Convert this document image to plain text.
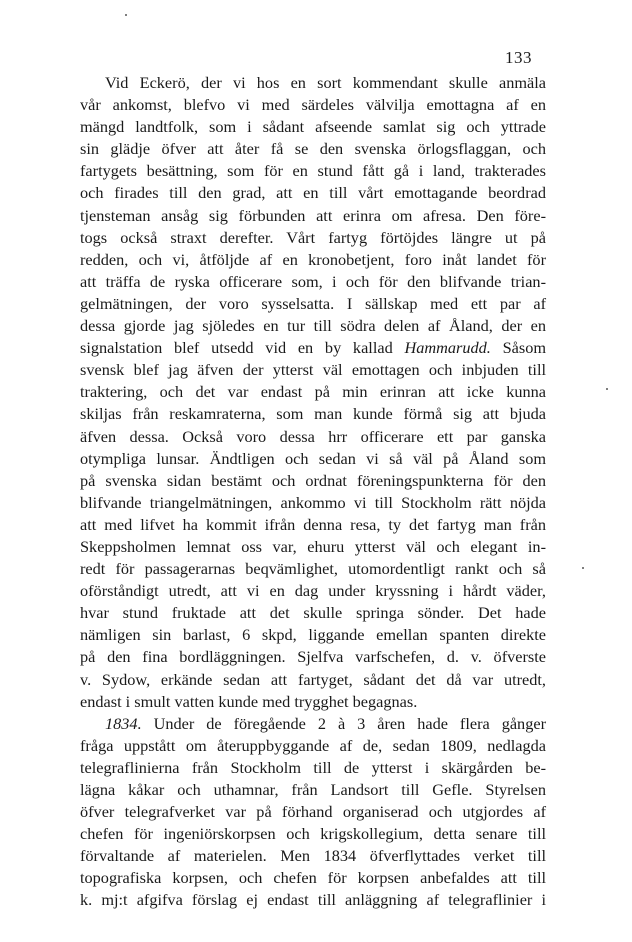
133
Vid Eckerö, der vi hos en sort kommendant skulle anmäla
vår ankomst, blefvo vi med särdeles välvilja emottagna af en
mängd landtfolk, som i sådant afseende samlat sig och yttrade
sin glädje öfver att åter få se den svenska örlogsflaggan, och
fartygets besättning, som för en stund fått gå i land, trakterades
och firades till den grad, att en till vårt emottagande beordrad
tjensteman ansåg sig förbunden att erinra om afresa. Den före-
togs också straxt derefter. Vårt fartyg förtöjdes längre ut på
redden, och vi, åtföljde af en kronobetjent, foro inåt landet för
att träffa de ryska officerare som, i och för den blifvande trian-
gelmätningen, der voro sysselsatta. I sällskap med ett par af
dessa gjorde jag sjöledes en tur till södra delen af Åland, der en
signalstation blef utsedd vid en by kallad Hammarudd. Såsom
svensk blef jag äfven der ytterst väl emottagen och inbjuden till
traktering, och det var endast på min erinran att icke kunna
skiljas från reskamraterna, som man kunde förmå sig att bjuda
äfven dessa. Också voro dessa hrr officerare ett par ganska
otympliga lunsar. Ändtligen och sedan vi så väl på Åland som
på svenska sidan bestämt och ordnat föreningspunkterna för den
blifvande triangelmätningen, ankommo vi till Stockholm rätt nöjda
att med lifvet ha kommit ifrån denna resa, ty det fartyg man från
Skeppsholmen lemnat oss var, ehuru ytterst väl och elegant in-
redt för passagerarnas beqvämlighet, utomordentligt rankt och så
oförståndigt utredt, att vi en dag under kryssning i hårdt väder,
hvar stund fruktade att det skulle springa sönder. Det hade
nämligen sin barlast, 6 skpd, liggande emellan spanten direkte
på den fina bordläggningen. Sjelfva varfschefen, d. v. öfverste
v. Sydow, erkände sedan att fartyget, sådant det då var utredt,
endast i smult vatten kunde med trygghet begagnas.
1834. Under de föregående 2 à 3 åren hade flera gånger
fråga uppstått om återuppbyggande af de, sedan 1809, nedlagda
telegraflinierna från Stockholm till de ytterst i skärgården be-
lägna kåkar och uthamnar, från Landsort till Gefle. Styrelsen
öfver telegrafverket var på förhand organiserad och utgjordes af
chefen för ingeniörskorpsen och krigskollegium, detta senare till
förvaltande af materielen. Men 1834 öfverflyttades verket till
topografiska korpsen, och chefen för korpsen anbefaldes att till
k. mj:t afgifva förslag ej endast till anläggning af telegraflinier i
